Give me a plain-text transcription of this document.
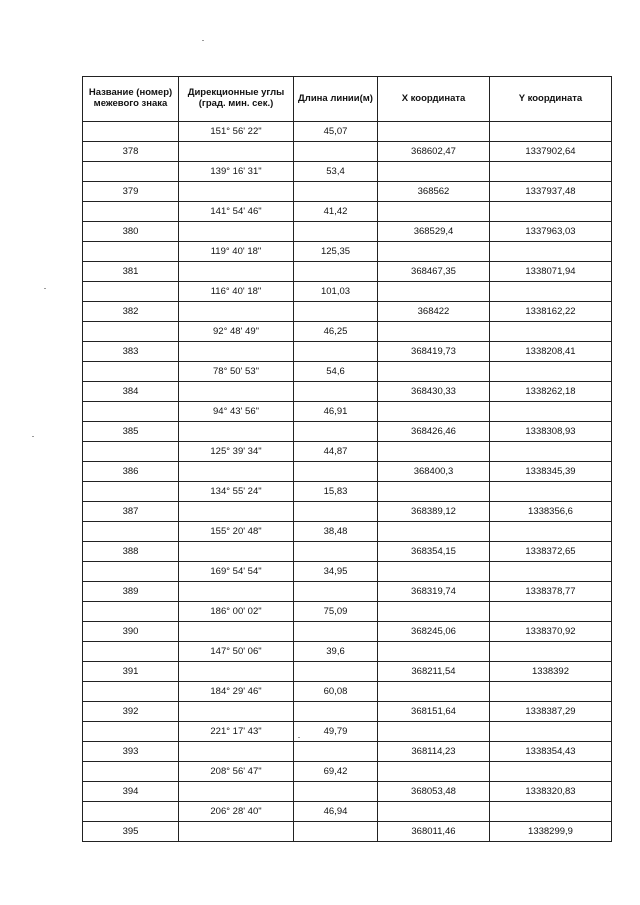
Название (номер) межевого знака	Дирекционные углы (град. мин. сек.)	Длина линии(м)	X координата	Y координата
	151° 56' 22"	45,07		
378			368602,47	1337902,64
	139° 16' 31"	53,4		
379			368562	1337937,48
	141° 54' 46"	41,42		
380			368529,4	1337963,03
	119° 40' 18"	125,35		
381			368467,35	1338071,94
	116° 40' 18"	101,03		
382			368422	1338162,22
	92° 48' 49"	46,25		
383			368419,73	1338208,41
	78° 50' 53"	54,6		
384			368430,33	1338262,18
	94° 43' 56"	46,91		
385			368426,46	1338308,93
	125° 39' 34"	44,87		
386			368400,3	1338345,39
	134° 55' 24"	15,83		
387			368389,12	1338356,6
	155° 20' 48"	38,48		
388			368354,15	1338372,65
	169° 54' 54"	34,95		
389			368319,74	1338378,77
	186° 00' 02"	75,09		
390			368245,06	1338370,92
	147° 50' 06"	39,6		
391			368211,54	1338392
	184° 29' 46"	60,08		
392			368151,64	1338387,29
	221° 17' 43"	49,79		
393			368114,23	1338354,43
	208° 56' 47"	69,42		
394			368053,48	1338320,83
	206° 28' 40"	46,94		
395			368011,46	1338299,9
